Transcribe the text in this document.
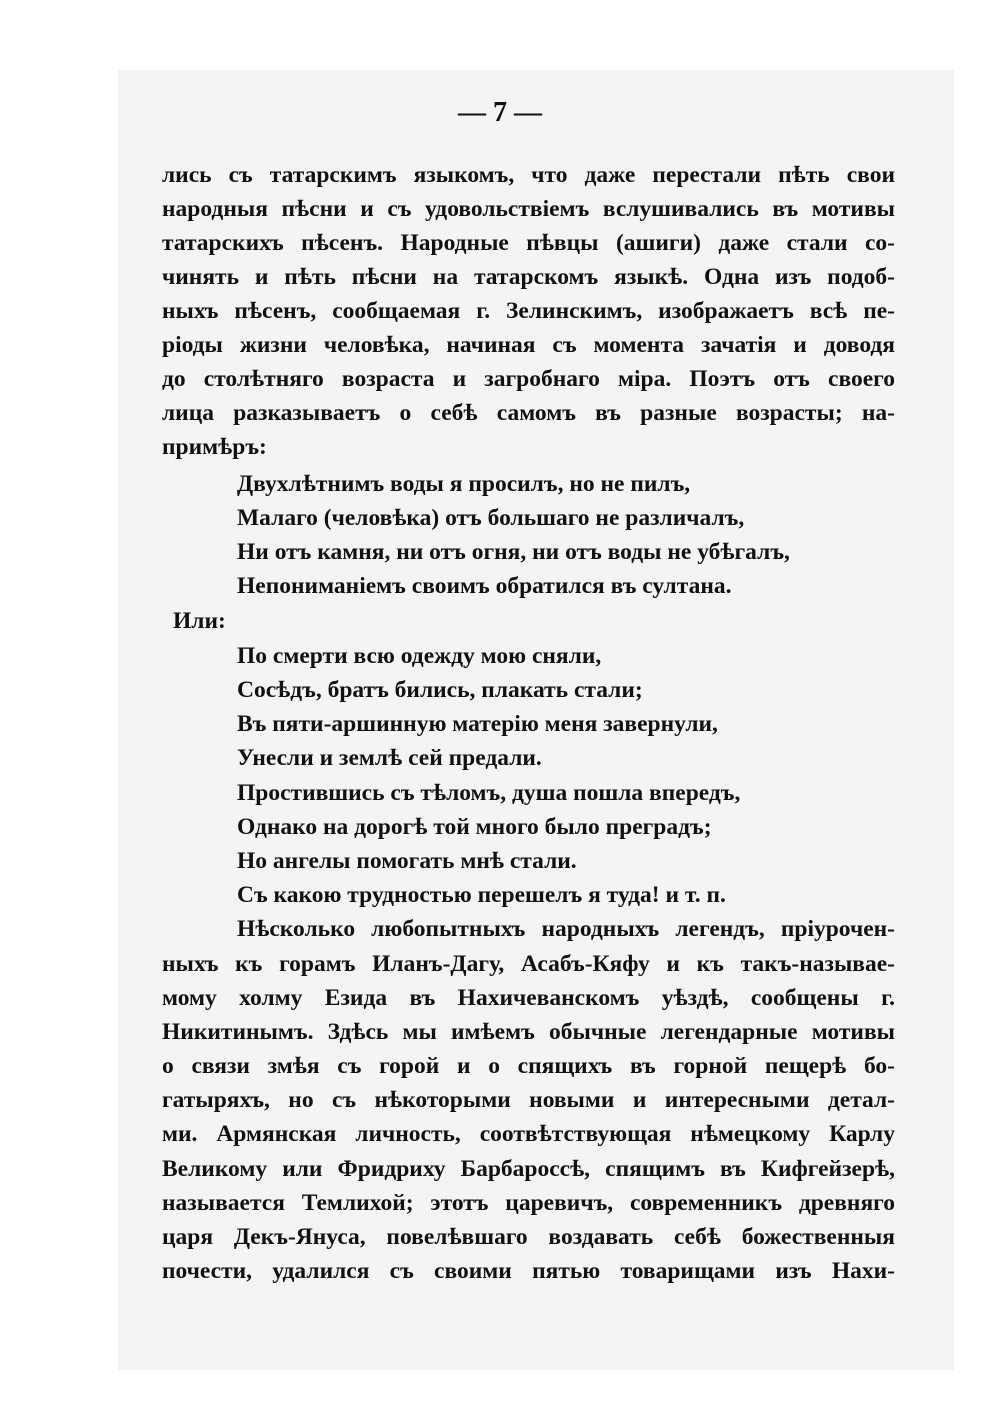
— 7 —
лись съ татарскимъ языкомъ, что даже перестали пѣть свои
народныя пѣсни и съ удовольствіемъ вслушивались въ мотивы
татарскихъ пѣсенъ. Народные пѣвцы (ашиги) даже стали со-
чинять и пѣть пѣсни на татарскомъ языкѣ. Одна изъ подоб-
ныхъ пѣсенъ, сообщаемая г. Зелинскимъ, изображаетъ всѣ пе-
ріоды жизни человѣка, начиная съ момента зачатія и доводя
до столѣтняго возраста и загробнаго міра. Поэтъ отъ своего
лица разказываетъ о себѣ самомъ въ разные возрасты; на-
примѣръ:
Двухлѣтнимъ воды я просилъ, но не пилъ,
Малаго (человѣка) отъ большаго не различалъ,
Ни отъ камня, ни отъ огня, ни отъ воды не убѣгалъ,
Непониманіемъ своимъ обратился въ султана.
Или:
По смерти всю одежду мою сняли,
Сосѣдъ, братъ бились, плакать стали;
Въ пяти-аршинную матерію меня завернули,
Унесли и землѣ сей предали.
Простившись съ тѣломъ, душа пошла впередъ,
Однако на дорогѣ той много было преградъ;
Но ангелы помогать мнѣ стали.
Съ какою трудностью перешелъ я туда! и т. п.
Нѣсколько любопытныхъ народныхъ легендъ, пріурочен-
ныхъ къ горамъ Иланъ-Дагу, Асабъ-Кяфу и къ такъ-называе-
мому холму Езида въ Нахичеванскомъ уѣздѣ, сообщены г.
Никитинымъ. Здѣсь мы имѣемъ обычные легендарные мотивы
о связи змѣя съ горой и о спящихъ въ горной пещерѣ бо-
гатыряхъ, но съ нѣкоторыми новыми и интересными детал-
ми. Армянская личность, соотвѣтствующая нѣмецкому Карлу
Великому или Фридриху Барбароссѣ, спящимъ въ Кифгейзерѣ,
называется Темлихой; этотъ царевичъ, современникъ древняго
царя Декъ-Януса, повелѣвшаго воздавать себѣ божественныя
почести, удалился съ своими пятью товарищами изъ Нахи-
